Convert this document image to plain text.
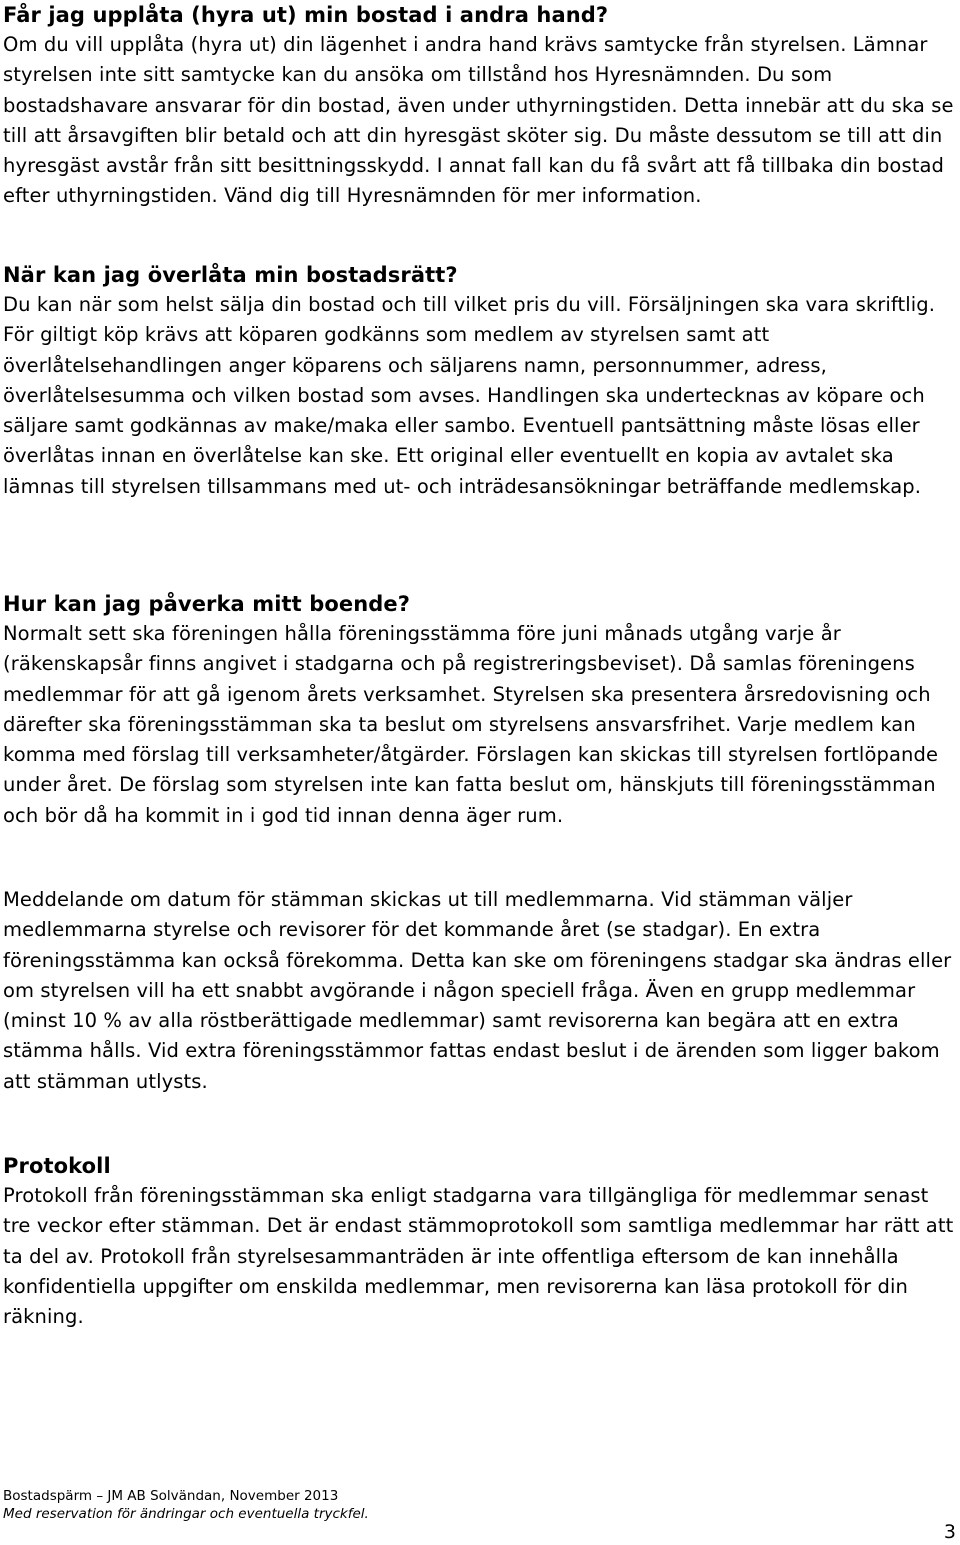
Får jag upplåta (hyra ut) min bostad i andra hand?

Om du vill upplåta (hyra ut) din lägenhet i andra hand krävs samtycke från styrelsen. Lämnar styrelsen inte sitt samtycke kan du ansöka om tillstånd hos Hyresnämnden. Du som bostadshavare ansvarar för din bostad, även under uthyrningstiden. Detta innebär att du ska se till att årsavgiften blir betald och att din hyresgäst sköter sig. Du måste dessutom se till att din hyresgäst avstår från sitt besittningsskydd. I annat fall kan du få svårt att få tillbaka din bostad efter uthyrningstiden. Vänd dig till Hyresnämnden för mer information.

När kan jag överlåta min bostadsrätt?

Du kan när som helst sälja din bostad och till vilket pris du vill. Försäljningen ska vara skriftlig. För giltigt köp krävs att köparen godkänns som medlem av styrelsen samt att överlåtelsehandlingen anger köparens och säljarens namn, personnummer, adress, överlåtelsesumma och vilken bostad som avses. Handlingen ska undertecknas av köpare och säljare samt godkännas av make/maka eller sambo. Eventuell pantsättning måste lösas eller överlåtas innan en överlåtelse kan ske. Ett original eller eventuellt en kopia av avtalet ska lämnas till styrelsen tillsammans med ut- och inträdesansökningar beträffande medlemskap.

Hur kan jag påverka mitt boende?

Normalt sett ska föreningen hålla föreningsstämma före juni månads utgång varje år (räkenskapsår finns angivet i stadgarna och på registreringsbeviset). Då samlas föreningens medlemmar för att gå igenom årets verksamhet. Styrelsen ska presentera årsredovisning och därefter ska föreningsstämman ska ta beslut om styrelsens ansvarsfrihet. Varje medlem kan komma med förslag till verksamheter/åtgärder. Förslagen kan skickas till styrelsen fortlöpande under året. De förslag som styrelsen inte kan fatta beslut om, hänskjuts till föreningsstämman och bör då ha kommit in i god tid innan denna äger rum.

Meddelande om datum för stämman skickas ut till medlemmarna. Vid stämman väljer medlemmarna styrelse och revisorer för det kommande året (se stadgar). En extra föreningsstämma kan också förekomma. Detta kan ske om föreningens stadgar ska ändras eller om styrelsen vill ha ett snabbt avgörande i någon speciell fråga. Även en grupp medlemmar (minst 10 % av alla röstberättigade medlemmar) samt revisorerna kan begära att en extra stämma hålls. Vid extra föreningsstämmor fattas endast beslut i de ärenden som ligger bakom att stämman utlysts.

Protokoll

Protokoll från föreningsstämman ska enligt stadgarna vara tillgängliga för medlemmar senast tre veckor efter stämman. Det är endast stämmoprotokoll som samtliga medlemmar har rätt att ta del av. Protokoll från styrelsesammanträden är inte offentliga eftersom de kan innehålla konfidentiella uppgifter om enskilda medlemmar, men revisorerna kan läsa protokoll för din räkning.

Bostadspärm – JM AB Solvändan, November 2013
Med reservation för ändringar och eventuella tryckfel.
3
